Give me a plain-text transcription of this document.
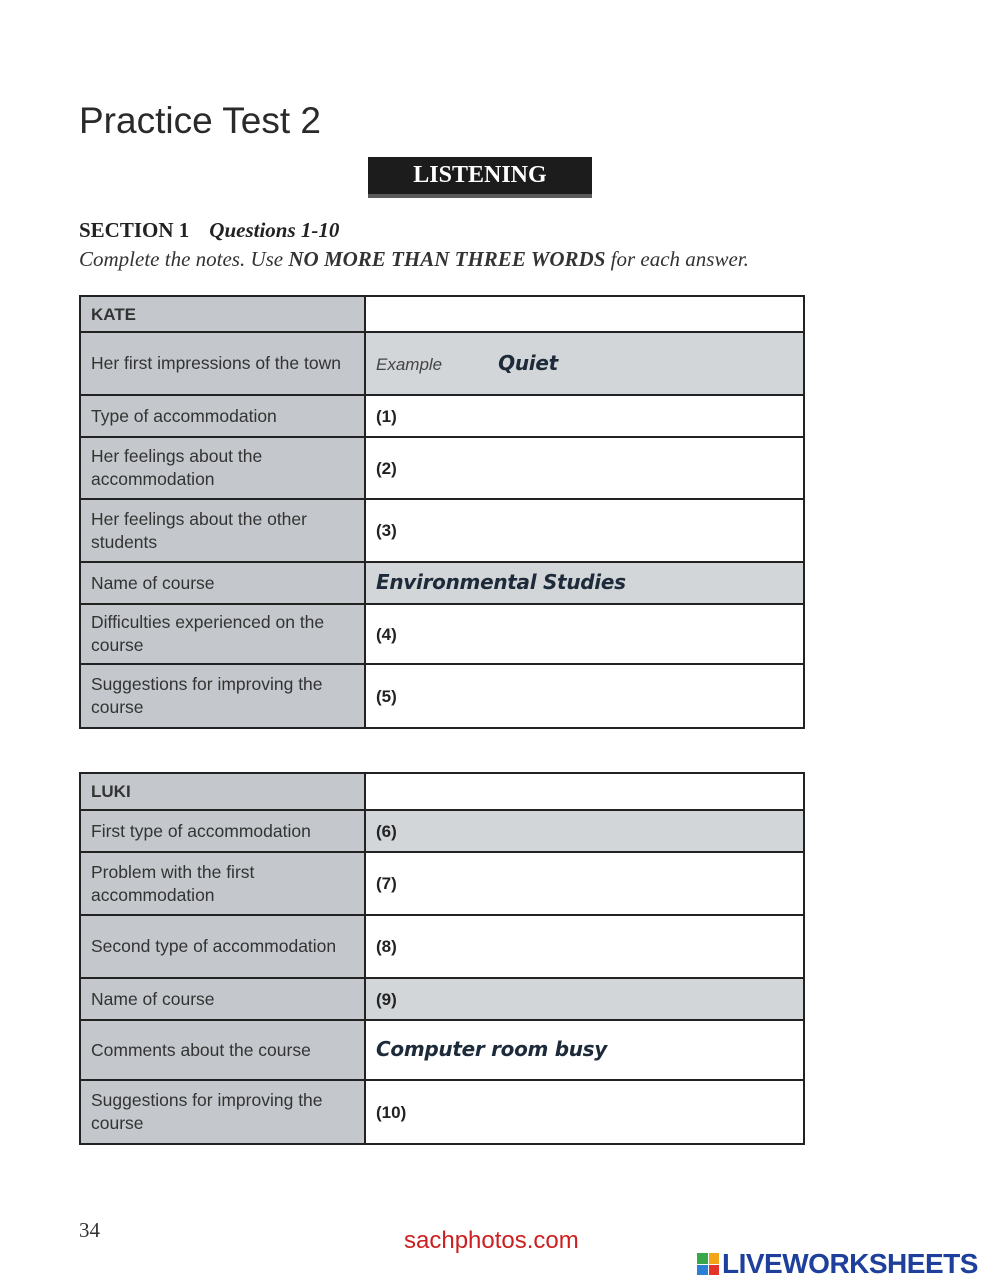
Practice Test 2
LISTENING
SECTION 1 Questions 1-10
Complete the notes. Use NO MORE THAN THREE WORDS for each answer.
KATE	
Her first impressions of the town	Example Quiet
Type of accommodation	(1)
Her feelings about the accommodation	(2)
Her feelings about the other students	(3)
Name of course	Environmental Studies
Difficulties experienced on the course	(4)
Suggestions for improving the course	(5)
LUKI	
First type of accommodation	(6)
Problem with the first accommodation	(7)
Second type of accommodation	(8)
Name of course	(9)
Comments about the course	Computer room busy
Suggestions for improving the course	(10)
34	sachphotos.com
LIVEWORKSHEETS
